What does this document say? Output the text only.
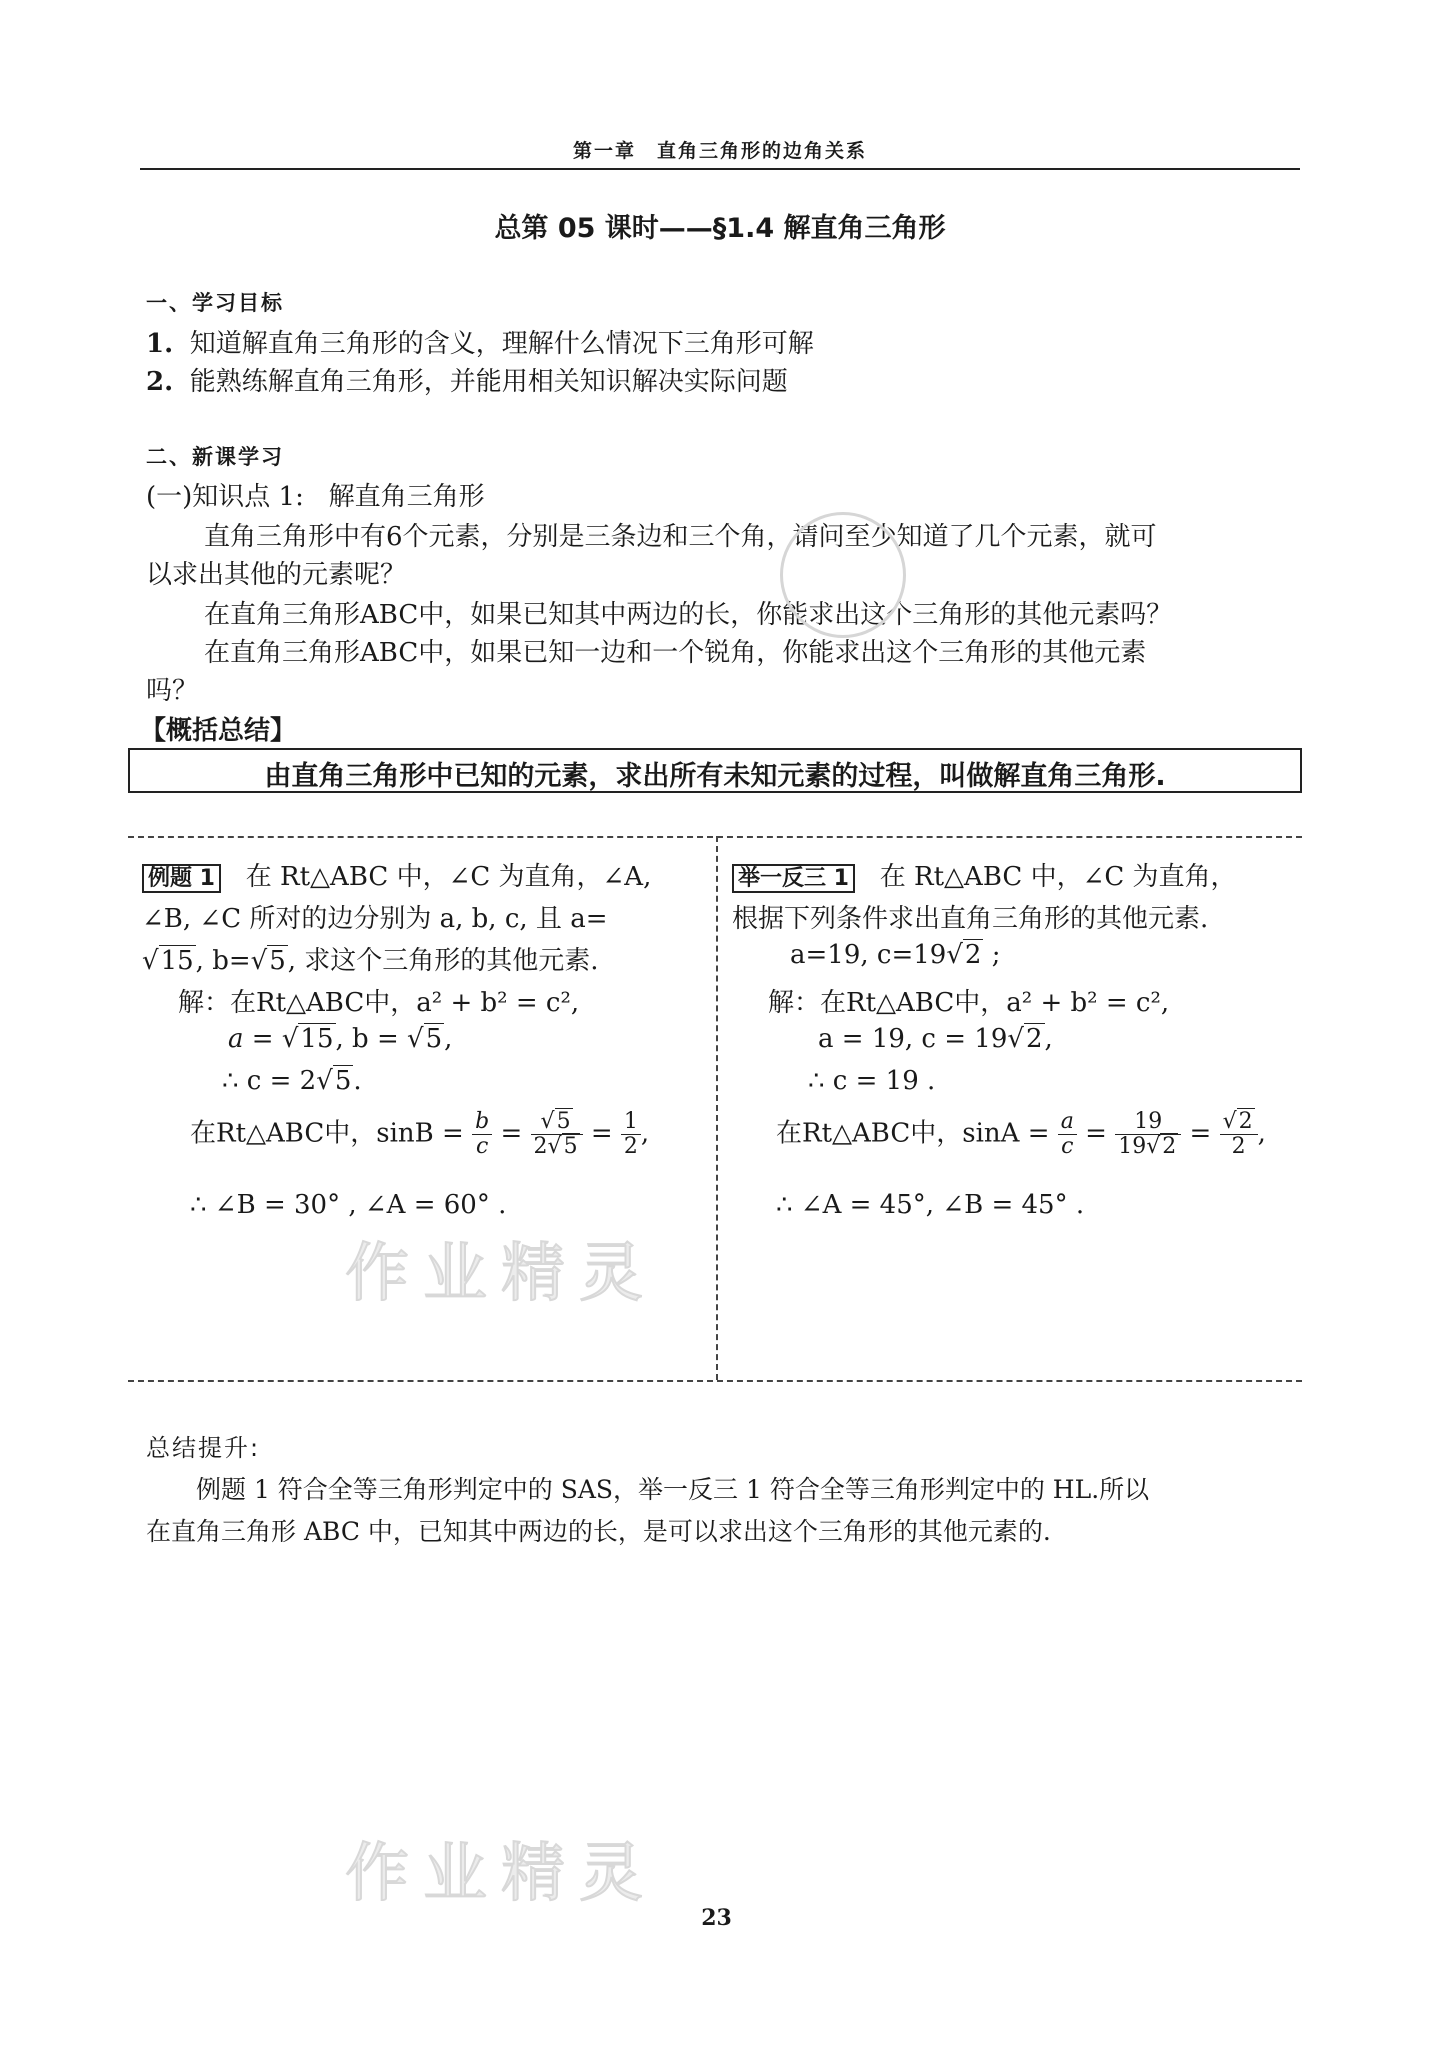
第一章　直角三角形的边角关系
总第 05 课时——§1.4 解直角三角形
一、学习目标
1. 知道解直角三角形的含义，理解什么情况下三角形可解
2. 能熟练解直角三角形，并能用相关知识解决实际问题
二、新课学习
(一)知识点 1: 解直角三角形
直角三角形中有6个元素，分别是三条边和三个角，请问至少知道了几个元素，就可
以求出其他的元素呢？
在直角三角形ABC中，如果已知其中两边的长，你能求出这个三角形的其他元素吗？
在直角三角形ABC中，如果已知一边和一个锐角，你能求出这个三角形的其他元素
吗？
【概括总结】
由直角三角形中已知的元素，求出所有未知元素的过程，叫做解直角三角形.
例题 1 在 Rt△ABC 中，∠C 为直角，∠A,
∠B, ∠C 所对的边分别为 a, b, c, 且 a=
√15, b=√5, 求这个三角形的其他元素.
解：在Rt△ABC中，a² + b² = c²,
a = √15, b = √5,
∴ c = 2√5.
在Rt△ABC中，$\sin B = \frac{b}{c} = \frac{√5}{2√5} = \frac{1}{2}$ ,
∴ ∠B = 30° , ∠A = 60° .
举一反三 1 在 Rt△ABC 中，∠C 为直角，
根据下列条件求出直角三角形的其他元素.
a=19, c=19√2 ;
解：在Rt△ABC中，a² + b² = c²,
a = 19, c = 19√2,
∴ c = 19 .
在Rt△ABC中，$\sin A = \frac{a}{c} = \frac{19}{19√2} = \frac{√2}{2}$ ,
∴ ∠A = 45°, ∠B = 45° .
作业精灵
作业精灵
总结提升:
例题 1 符合全等三角形判定中的 SAS，举一反三 1 符合全等三角形判定中的 HL.所以
在直角三角形 ABC 中，已知其中两边的长，是可以求出这个三角形的其他元素的.
23
